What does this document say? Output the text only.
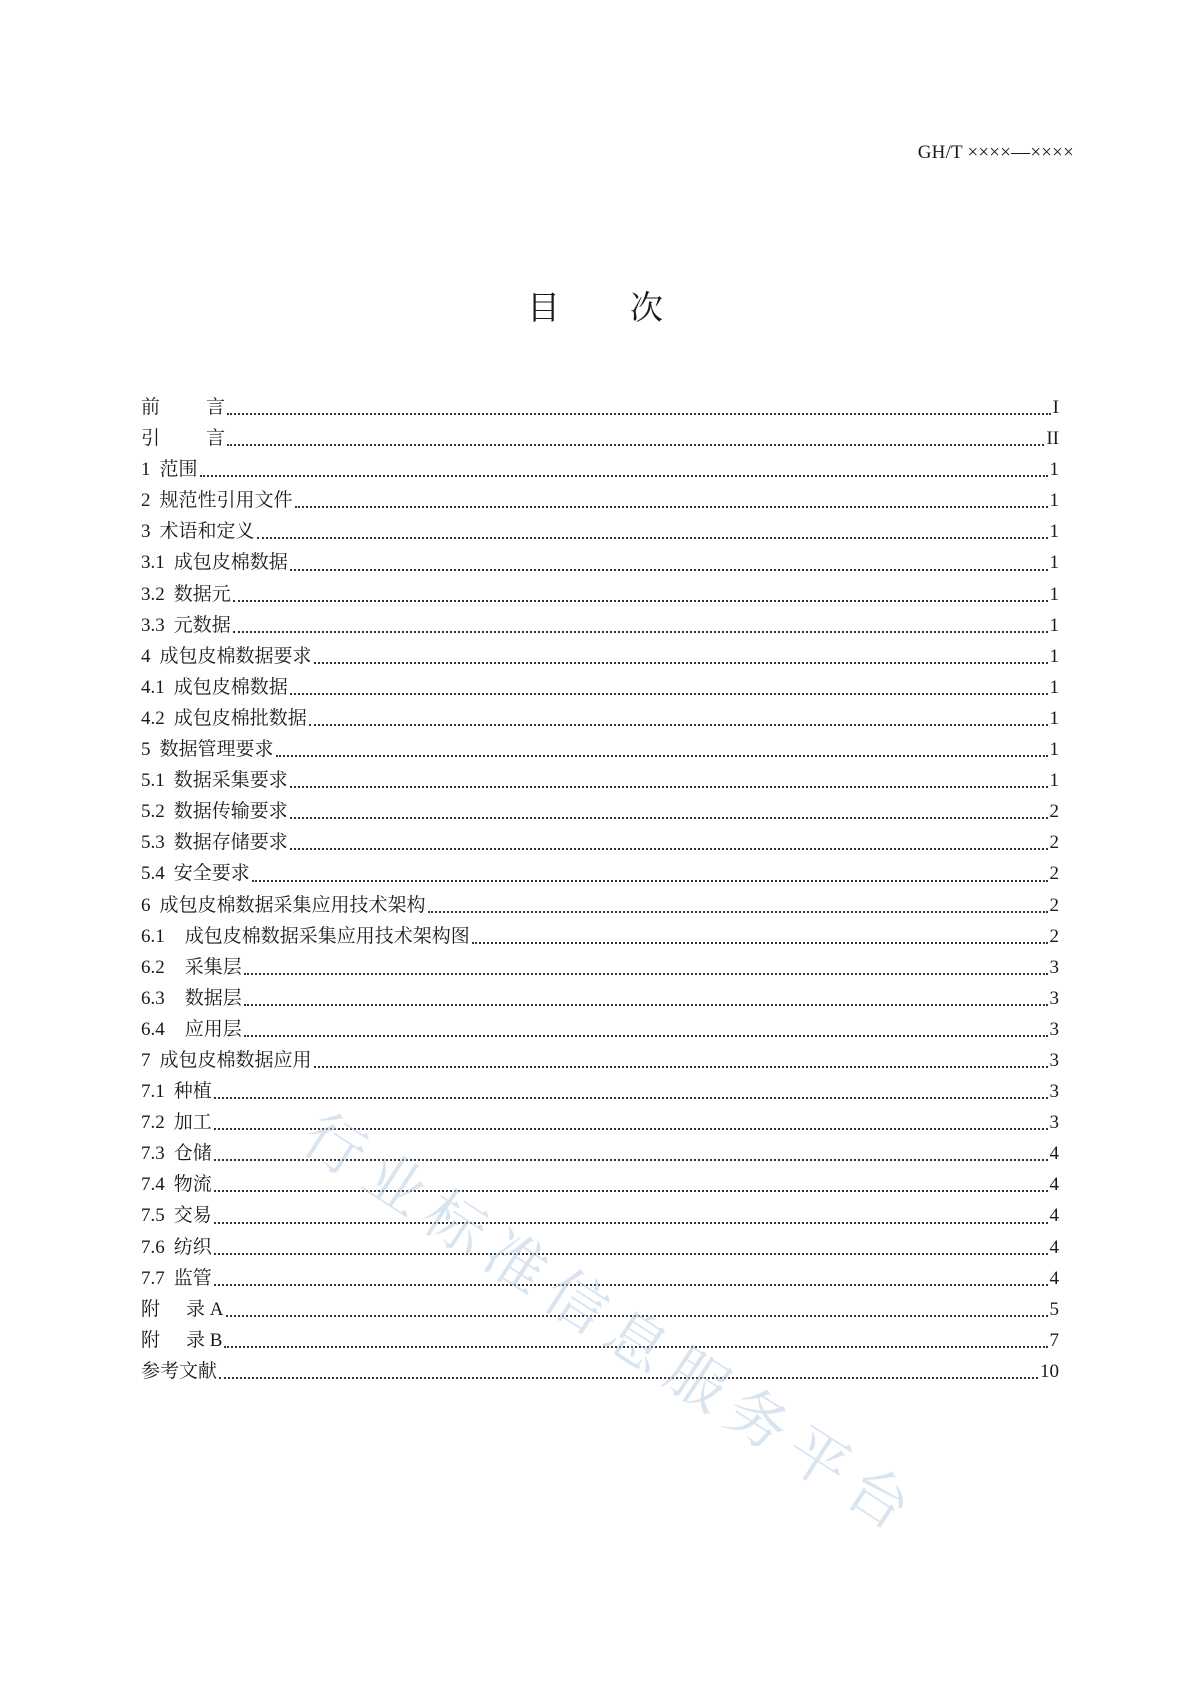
GH/T ××××—××××
目 次
前 言	I
引 言	II
1 范围	1
2 规范性引用文件	1
3 术语和定义	1
3.1 成包皮棉数据	1
3.2 数据元	1
3.3 元数据	1
4 成包皮棉数据要求	1
4.1 成包皮棉数据	1
4.2 成包皮棉批数据	1
5 数据管理要求	1
5.1 数据采集要求	1
5.2 数据传输要求	2
5.3 数据存储要求	2
5.4 安全要求	2
6 成包皮棉数据采集应用技术架构	2
6.1 成包皮棉数据采集应用技术架构图	2
6.2 采集层	3
6.3 数据层	3
6.4 应用层	3
7 成包皮棉数据应用	3
7.1 种植	3
7.2 加工	3
7.3 仓储	4
7.4 物流	4
7.5 交易	4
7.6 纺织	4
7.7 监管	4
附 录 A	5
附 录 B	7
参考文献	10
行业标准信息服务平台
